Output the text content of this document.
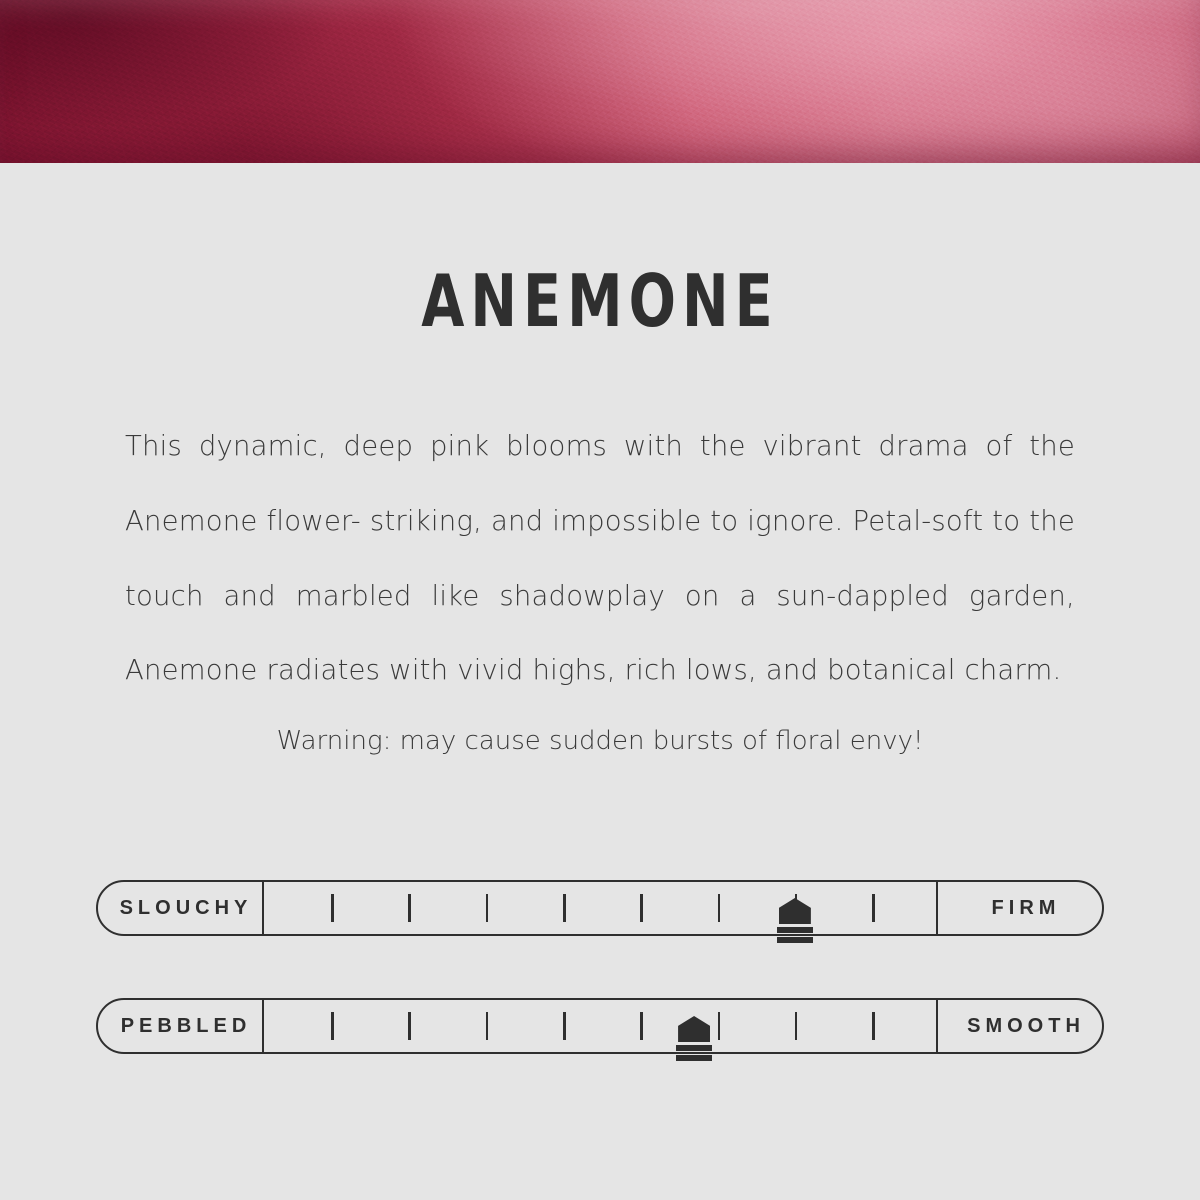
ANEMONE

This dynamic, deep pink blooms with the vibrant drama of the Anemone flower- striking, and impossible to ignore. Petal-soft to the touch and marbled like shadowplay on a sun-dappled garden, Anemone radiates with vivid highs, rich lows, and botanical charm.

Warning: may cause sudden bursts of floral envy!
SLOUCHY	FIRM
PEBBLED	SMOOTH
